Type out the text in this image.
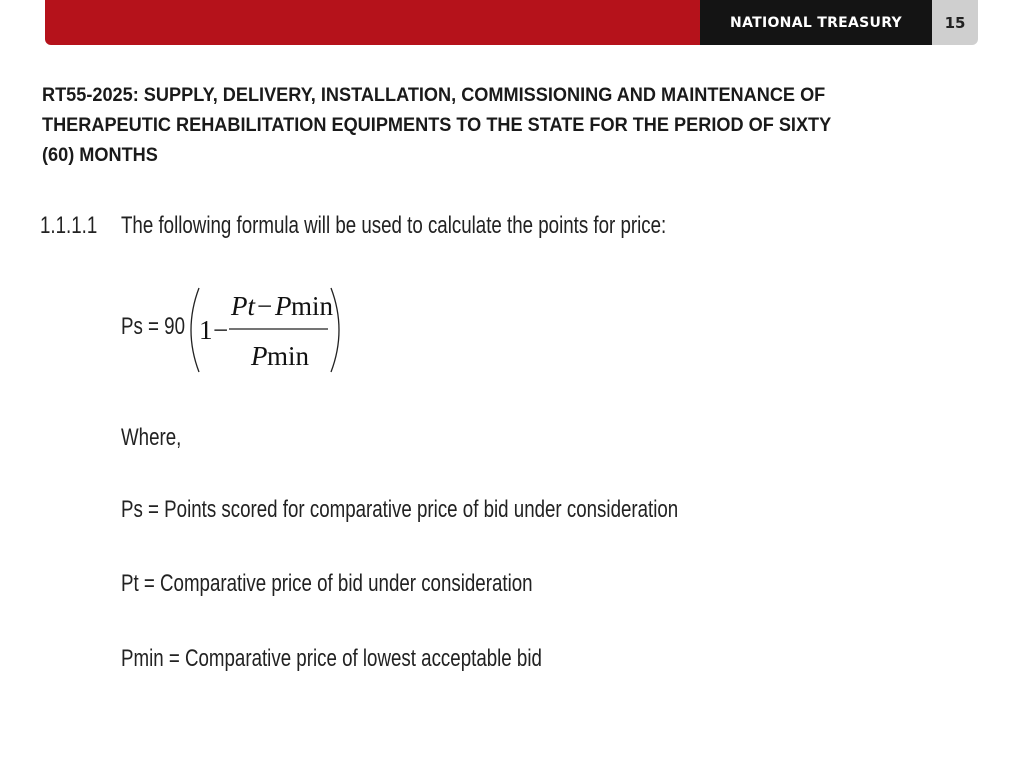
NATIONAL TREASURY	15
RT55-2025: SUPPLY, DELIVERY, INSTALLATION, COMMISSIONING AND MAINTENANCE OF
THERAPEUTIC REHABILITATION EQUIPMENTS TO THE STATE FOR THE PERIOD OF SIXTY
(60) MONTHS
1.1.1.1 The following formula will be used to calculate the points for price:
Ps = 90 1 −
Pt − P min
P min
Where,
Ps = Points scored for comparative price of bid under consideration
Pt = Comparative price of bid under consideration
Pmin = Comparative price of lowest acceptable bid
